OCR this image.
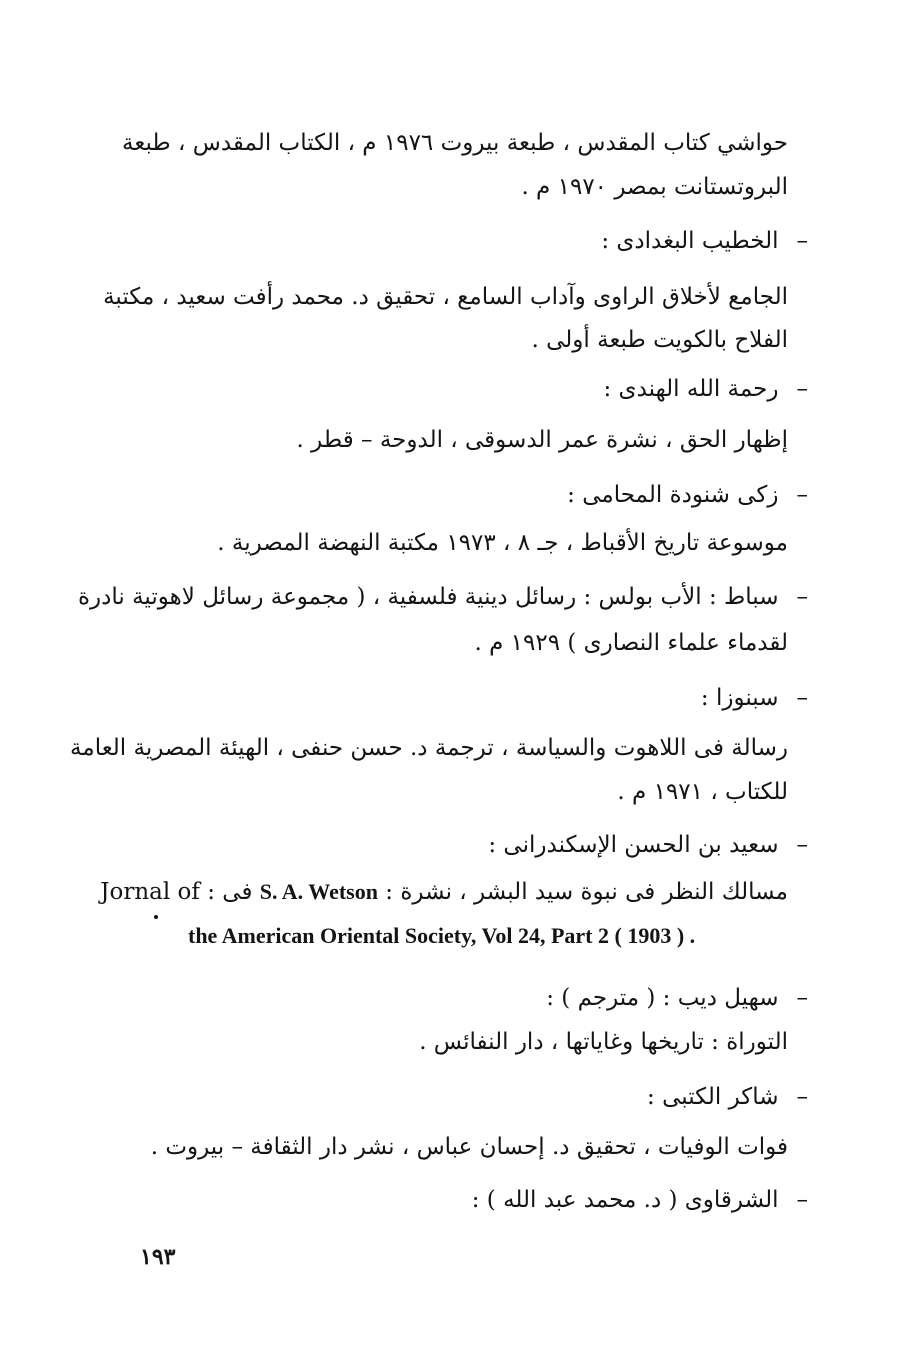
حواشي كتاب المقدس ، طبعة بيروت ١٩٧٦ م ، الكتاب المقدس ، طبعة
البروتستانت بمصر ١٩٧٠ م .
–الخطيب البغدادى :
الجامع لأخلاق الراوى وآداب السامع ، تحقيق د. محمد رأفت سعيد ، مكتبة
الفلاح بالكويت طبعة أولى .
–رحمة الله الهندى :
إظهار الحق ، نشرة عمر الدسوقى ، الدوحة – قطر .
–زكى شنودة المحامى :
موسوعة تاريخ الأقباط ، جـ ٨ ، ١٩٧٣ مكتبة النهضة المصرية .
–سباط : الأب بولس : رسائل دينية فلسفية ، ( مجموعة رسائل لاهوتية نادرة
لقدماء علماء النصارى ) ١٩٢٩ م .
–سبنوزا :
رسالة فى اللاهوت والسياسة ، ترجمة د. حسن حنفى ، الهيئة المصرية العامة
للكتاب ، ١٩٧١ م .
–سعيد بن الحسن الإسكندرانى :
مسالك النظر فى نبوة سيد البشر ، نشرة : S. A. Wetson فى : Jornal of
the American Oriental Society, Vol 24, Part 2 ( 1903 ) .
–سهيل ديب : ( مترجم ) :
التوراة : تاريخها وغاياتها ، دار النفائس .
–شاكر الكتبى :
فوات الوفيات ، تحقيق د. إحسان عباس ، نشر دار الثقافة – بيروت .
–الشرقاوى ( د. محمد عبد الله ) :
١٩٣
